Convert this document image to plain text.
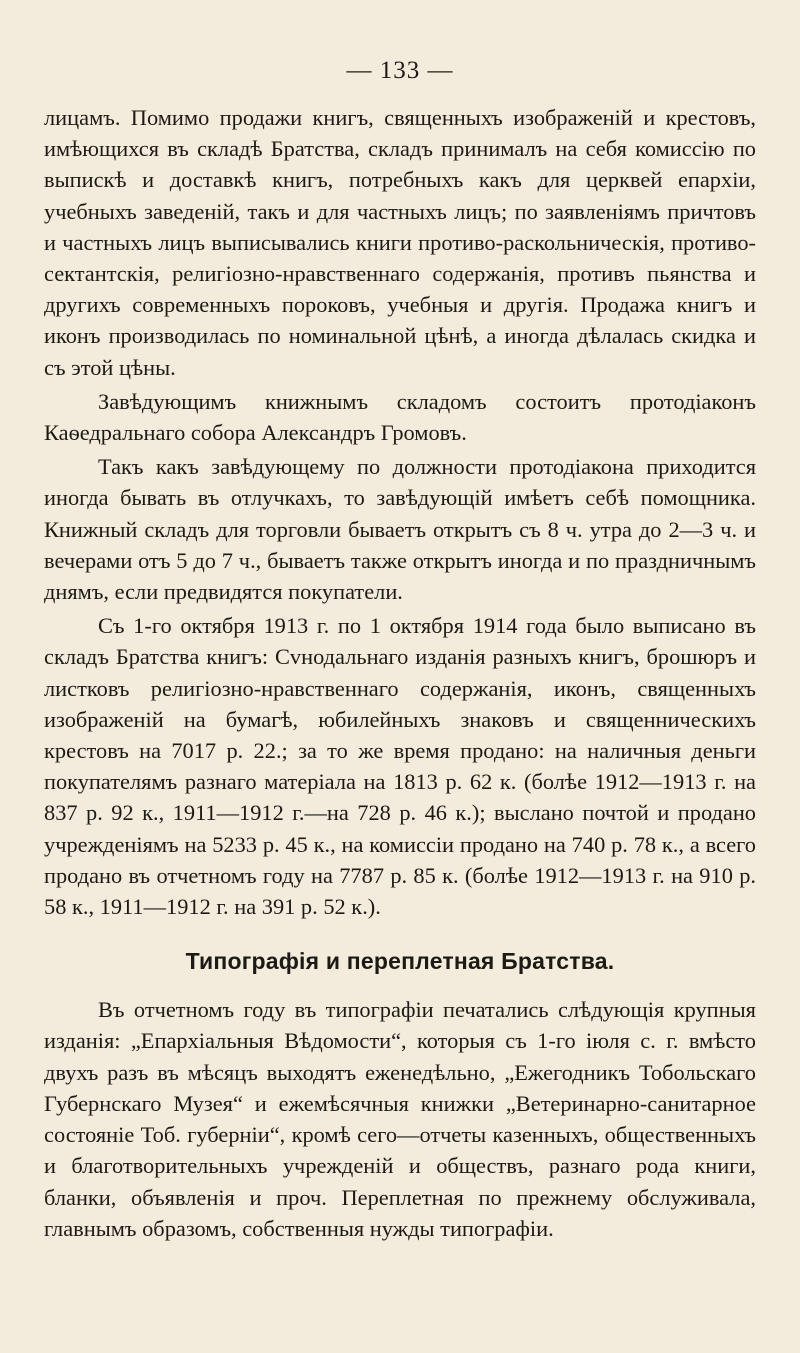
— 133 —

лицамъ. Помимо продажи книгъ, священныхъ изображеній и крестовъ, имѣющихся въ складѣ Братства, складъ принималъ на себя комиссію по выпискѣ и доставкѣ книгъ, потребныхъ какъ для церквей епархіи, учебныхъ заведеній, такъ и для частныхъ лицъ; по заявленіямъ причтовъ и частныхъ лицъ выписывались книги противо-раскольническія, противо-сектантскія, религіозно-нравственнаго содержанія, противъ пьянства и другихъ современныхъ пороковъ, учебныя и другія. Продажа книгъ и иконъ производилась по номинальной цѣнѣ, а иногда дѣлалась скидка и съ этой цѣны.

Завѣдующимъ книжнымъ складомъ состоитъ протодіаконъ Каѳедральнаго собора Александръ Громовъ.

Такъ какъ завѣдующему по должности протодіакона приходится иногда бывать въ отлучкахъ, то завѣдующій имѣетъ себѣ помощника. Книжный складъ для торговли бываетъ открытъ съ 8 ч. утра до 2—3 ч. и вечерами отъ 5 до 7 ч., бываетъ также открытъ иногда и по праздничнымъ днямъ, если предвидятся покупатели.

Съ 1-го октября 1913 г. по 1 октября 1914 года было выписано въ складъ Братства книгъ: Сvнодальнаго изданія разныхъ книгъ, брошюръ и листковъ религіозно-нравственнаго содержанія, иконъ, священныхъ изображеній на бумагѣ, юбилейныхъ знаковъ и священническихъ крестовъ на 7017 р. 22.; за то же время продано: на наличныя деньги покупателямъ разнаго матеріала на 1813 р. 62 к. (болѣе 1912—1913 г. на 837 р. 92 к., 1911—1912 г.—на 728 р. 46 к.); выслано почтой и продано учрежденіямъ на 5233 р. 45 к., на комиссіи продано на 740 р. 78 к., а всего продано въ отчетномъ году на 7787 р. 85 к. (болѣе 1912—1913 г. на 910 р. 58 к., 1911—1912 г. на 391 р. 52 к.).

Типографія и переплетная Братства.

Въ отчетномъ году въ типографіи печатались слѣдующія крупныя изданія: „Епархіальныя Вѣдомости“, которыя съ 1-го іюля с. г. вмѣсто двухъ разъ въ мѣсяцъ выходятъ еженедѣльно, „Ежегодникъ Тобольскаго Губернскаго Музея“ и ежемѣсячныя книжки „Ветеринарно-санитарное состояніе Тоб. губерніи“, кромѣ сего—отчеты казенныхъ, общественныхъ и благотворительныхъ учрежденій и обществъ, разнаго рода книги, бланки, объявленія и проч. Переплетная по прежнему обслуживала, главнымъ образомъ, собственныя нужды типографіи.
